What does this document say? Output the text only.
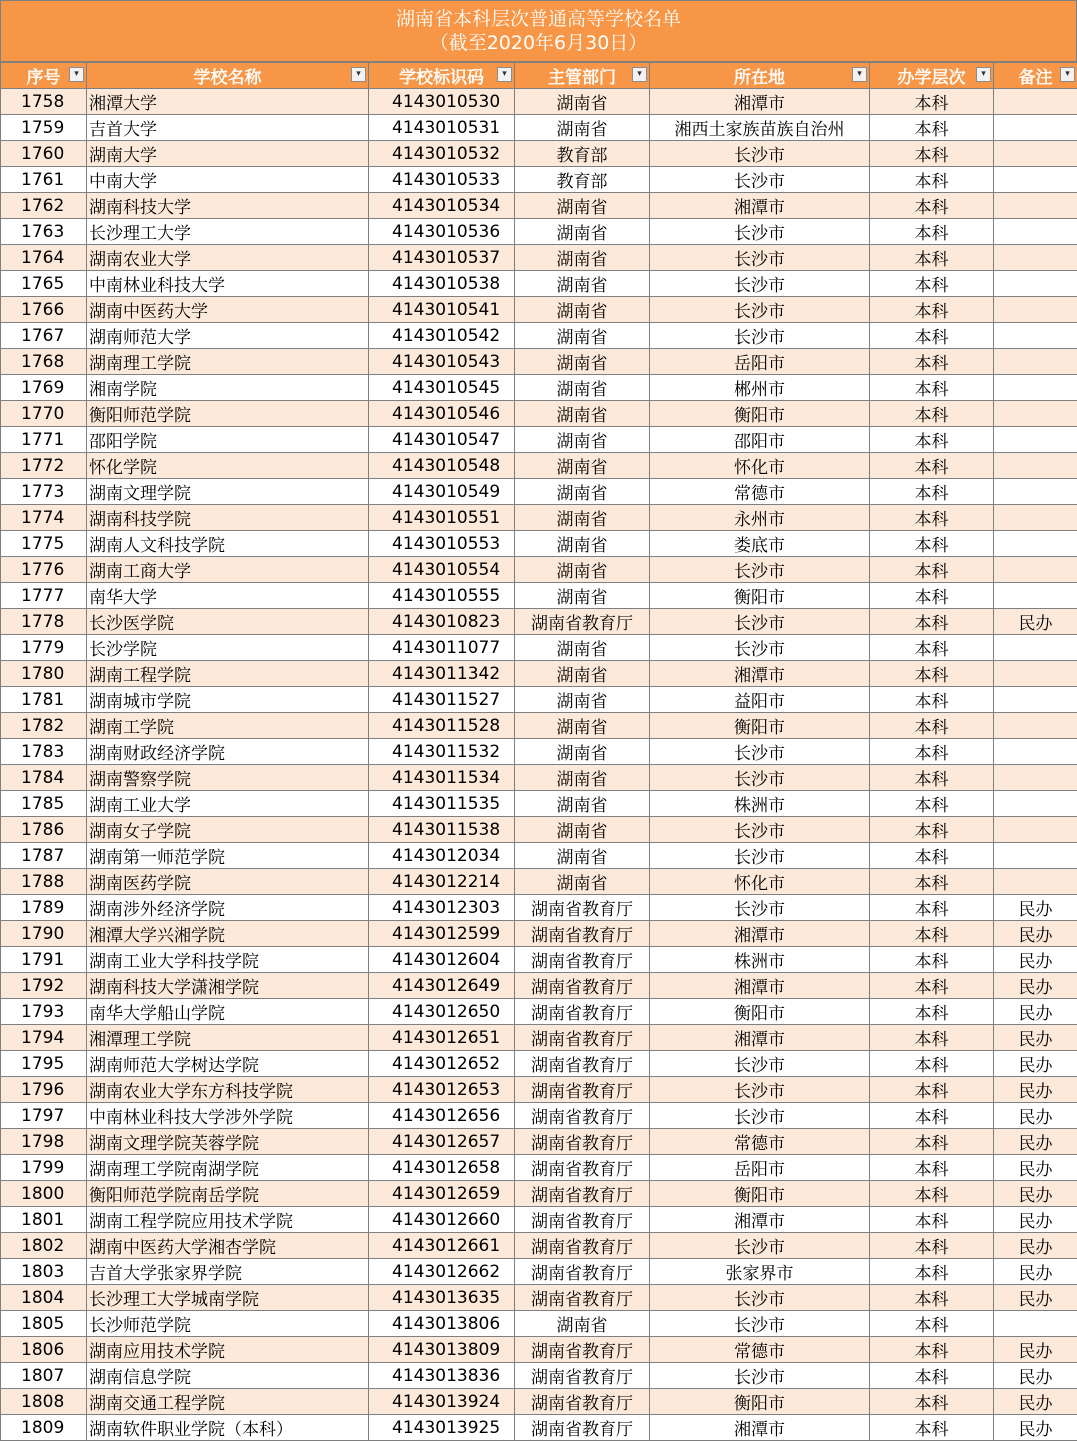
湖南省本科层次普通高等学校名单
（截至2020年6月30日）
序号 ▾	学校名称 ▾	学校标识码 ▾	主管部门 ▾	所在地 ▾	办学层次 ▾	备注 ▾

1758	湘潭大学	4143010530	湖南省	湘潭市	本科	
1759	吉首大学	4143010531	湖南省	湘西土家族苗族自治州	本科	
1760	湖南大学	4143010532	教育部	长沙市	本科	
1761	中南大学	4143010533	教育部	长沙市	本科	
1762	湖南科技大学	4143010534	湖南省	湘潭市	本科	
1763	长沙理工大学	4143010536	湖南省	长沙市	本科	
1764	湖南农业大学	4143010537	湖南省	长沙市	本科	
1765	中南林业科技大学	4143010538	湖南省	长沙市	本科	
1766	湖南中医药大学	4143010541	湖南省	长沙市	本科	
1767	湖南师范大学	4143010542	湖南省	长沙市	本科	
1768	湖南理工学院	4143010543	湖南省	岳阳市	本科	
1769	湘南学院	4143010545	湖南省	郴州市	本科	
1770	衡阳师范学院	4143010546	湖南省	衡阳市	本科	
1771	邵阳学院	4143010547	湖南省	邵阳市	本科	
1772	怀化学院	4143010548	湖南省	怀化市	本科	
1773	湖南文理学院	4143010549	湖南省	常德市	本科	
1774	湖南科技学院	4143010551	湖南省	永州市	本科	
1775	湖南人文科技学院	4143010553	湖南省	娄底市	本科	
1776	湖南工商大学	4143010554	湖南省	长沙市	本科	
1777	南华大学	4143010555	湖南省	衡阳市	本科	
1778	长沙医学院	4143010823	湖南省教育厅	长沙市	本科	民办
1779	长沙学院	4143011077	湖南省	长沙市	本科	
1780	湖南工程学院	4143011342	湖南省	湘潭市	本科	
1781	湖南城市学院	4143011527	湖南省	益阳市	本科	
1782	湖南工学院	4143011528	湖南省	衡阳市	本科	
1783	湖南财政经济学院	4143011532	湖南省	长沙市	本科	
1784	湖南警察学院	4143011534	湖南省	长沙市	本科	
1785	湖南工业大学	4143011535	湖南省	株洲市	本科	
1786	湖南女子学院	4143011538	湖南省	长沙市	本科	
1787	湖南第一师范学院	4143012034	湖南省	长沙市	本科	
1788	湖南医药学院	4143012214	湖南省	怀化市	本科	
1789	湖南涉外经济学院	4143012303	湖南省教育厅	长沙市	本科	民办
1790	湘潭大学兴湘学院	4143012599	湖南省教育厅	湘潭市	本科	民办
1791	湖南工业大学科技学院	4143012604	湖南省教育厅	株洲市	本科	民办
1792	湖南科技大学潇湘学院	4143012649	湖南省教育厅	湘潭市	本科	民办
1793	南华大学船山学院	4143012650	湖南省教育厅	衡阳市	本科	民办
1794	湘潭理工学院	4143012651	湖南省教育厅	湘潭市	本科	民办
1795	湖南师范大学树达学院	4143012652	湖南省教育厅	长沙市	本科	民办
1796	湖南农业大学东方科技学院	4143012653	湖南省教育厅	长沙市	本科	民办
1797	中南林业科技大学涉外学院	4143012656	湖南省教育厅	长沙市	本科	民办
1798	湖南文理学院芙蓉学院	4143012657	湖南省教育厅	常德市	本科	民办
1799	湖南理工学院南湖学院	4143012658	湖南省教育厅	岳阳市	本科	民办
1800	衡阳师范学院南岳学院	4143012659	湖南省教育厅	衡阳市	本科	民办
1801	湖南工程学院应用技术学院	4143012660	湖南省教育厅	湘潭市	本科	民办
1802	湖南中医药大学湘杏学院	4143012661	湖南省教育厅	长沙市	本科	民办
1803	吉首大学张家界学院	4143012662	湖南省教育厅	张家界市	本科	民办
1804	长沙理工大学城南学院	4143013635	湖南省教育厅	长沙市	本科	民办
1805	长沙师范学院	4143013806	湖南省	长沙市	本科	
1806	湖南应用技术学院	4143013809	湖南省教育厅	常德市	本科	民办
1807	湖南信息学院	4143013836	湖南省教育厅	长沙市	本科	民办
1808	湖南交通工程学院	4143013924	湖南省教育厅	衡阳市	本科	民办
1809	湖南软件职业学院（本科）	4143013925	湖南省教育厅	湘潭市	本科	民办
